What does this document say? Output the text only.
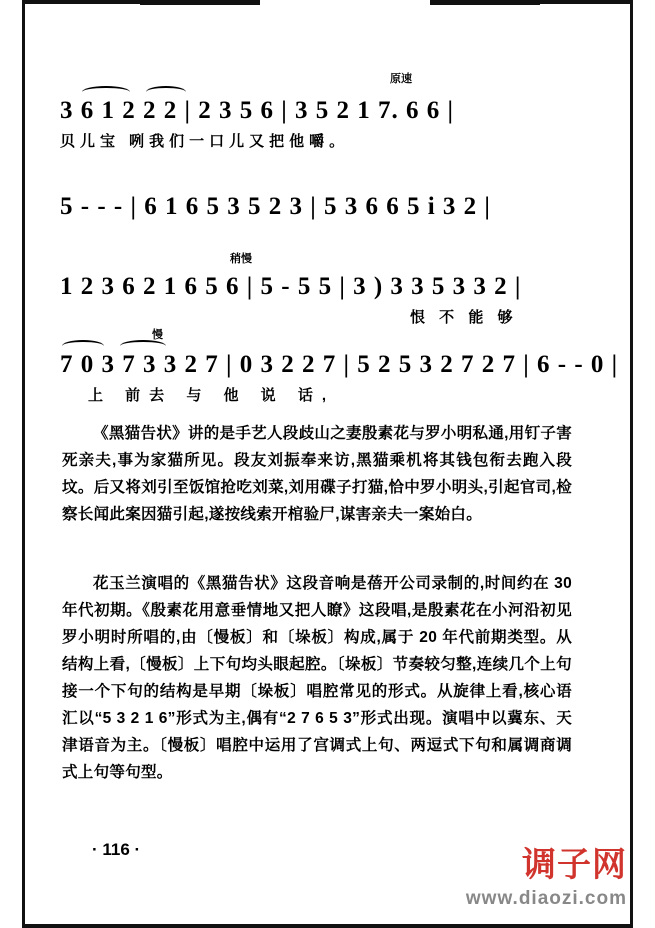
原速
3 6 1 2 2 2 | 2 3 5 6 | 3 5 2 1 7. 6 6 |
贝儿宝 咧我们一口儿又把他嚼。
5 - - - | 6 1 6 5 3 5 2 3 | 5 3 6 6 5 i 3 2 |
稍慢
1 2 3 6 2 1 6 5 6 | 5 - 5 5 | 3 ) 3 3 5 3 3 2 |
恨 不 能 够
慢
7 0 3 7 3 3 2 7 | 0 3 2 2 7 | 5 2 5 3 2 7 2 7 | 6 - - 0 |
上 前去 与 他 说 话,
《黑猫告状》讲的是手艺人段歧山之妻殷素花与罗小明私通,用钉子害死亲夫,事为家猫所见。段友刘振奉来访,黑猫乘机将其钱包衔去跑入段坟。后又将刘引至饭馆抢吃刘菜,刘用碟子打猫,恰中罗小明头,引起官司,检察长闻此案因猫引起,遂按线索开棺验尸,谋害亲夫一案始白。
花玉兰演唱的《黑猫告状》这段音响是蓓开公司录制的,时间约在 30 年代初期。《殷素花用意垂情地又把人瞭》这段唱,是殷素花在小河沿初见罗小明时所唱的,由〔慢板〕和〔垛板〕构成,属于 20 年代前期类型。从结构上看,〔慢板〕上下句均头眼起腔。〔垛板〕节奏较匀整,连续几个上句接一个下句的结构是早期〔垛板〕唱腔常见的形式。从旋律上看,核心语汇以“5 3 2 1 6”形式为主,偶有“2 7 6 5 3”形式出现。演唱中以冀东、天津语音为主。〔慢板〕唱腔中运用了宫调式上句、两逗式下句和属调商调式上句等句型。
· 116 ·	调子网
www.diaozi.com
